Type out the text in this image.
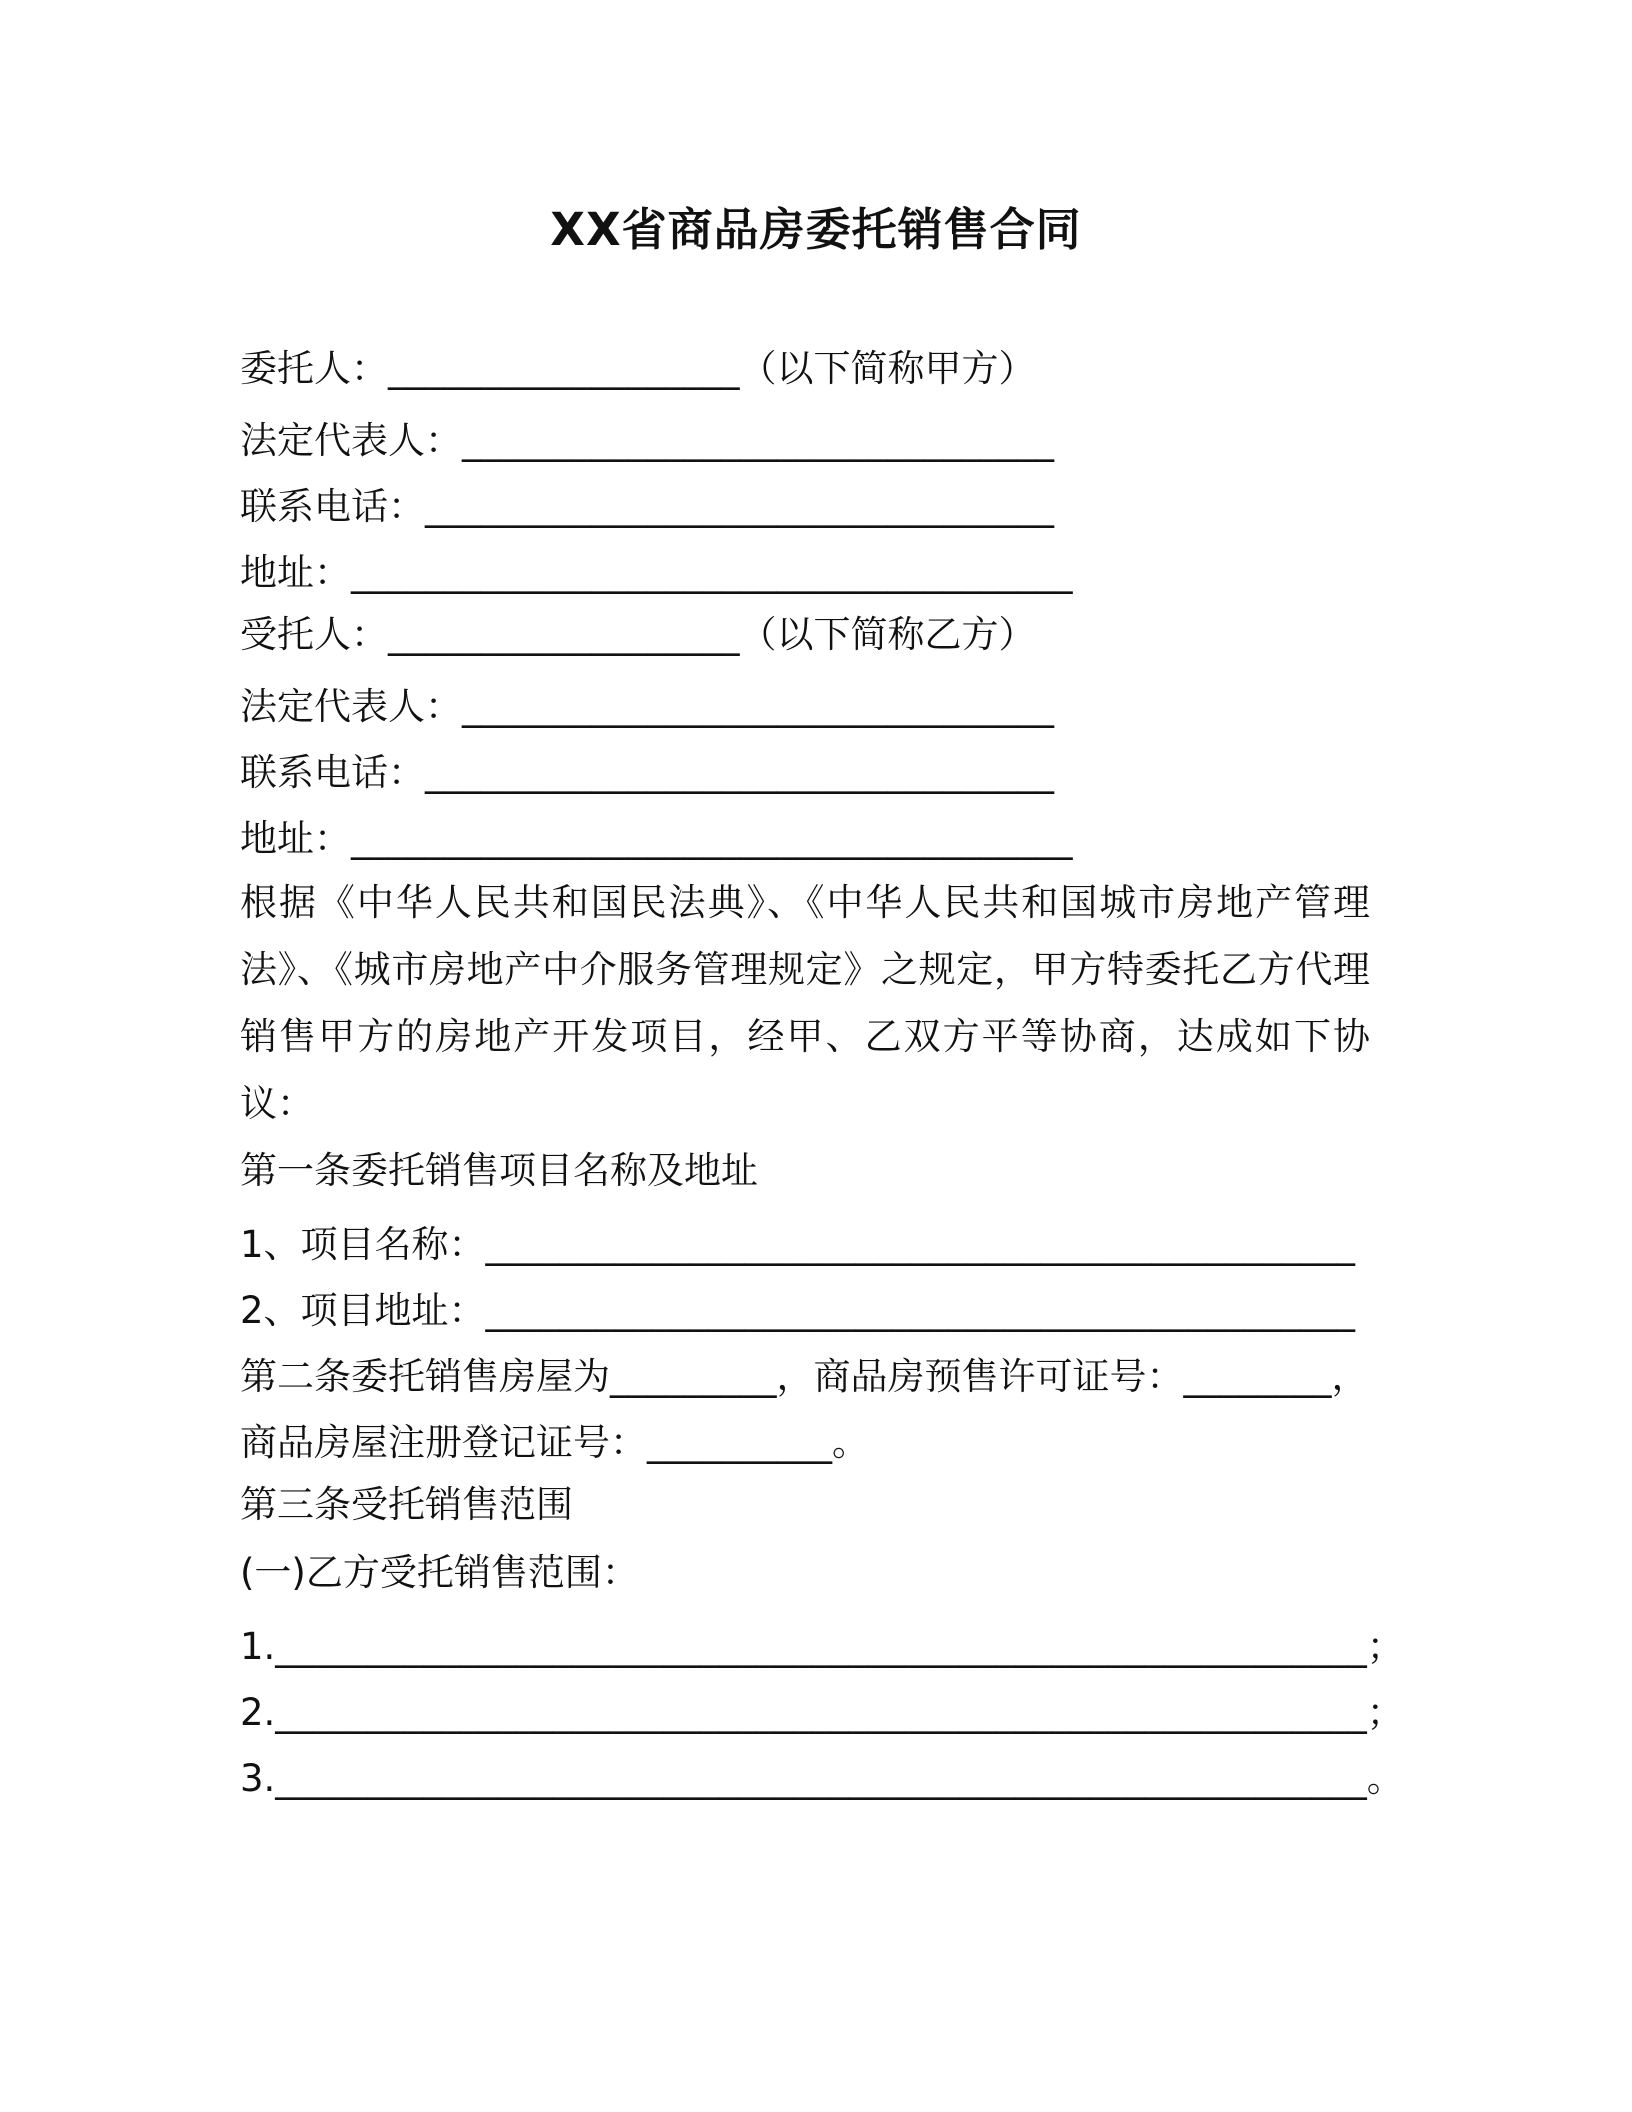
XX省商品房委托销售合同
委托人：___________________（以下简称甲方）
法定代表人：________________________________
联系电话：__________________________________
地址：_______________________________________
受托人：___________________（以下简称乙方）
法定代表人：________________________________
联系电话：__________________________________
地址：_______________________________________
根据《中华人民共和国民法典》、《中华人民共和国城市房地产管理法》、《城市房地产中介服务管理规定》之规定，甲方特委托乙方代理销售甲方的房地产开发项目，经甲、乙双方平等协商，达成如下协议：
第一条委托销售项目名称及地址
1、项目名称：_______________________________________________
2、项目地址：_______________________________________________
第二条委托销售房屋为_________，商品房预售许可证号：________，
商品房屋注册登记证号：__________。
第三条受托销售范围
(一)乙方受托销售范围：
1.___________________________________________________________；
2.___________________________________________________________；
3.___________________________________________________________。
